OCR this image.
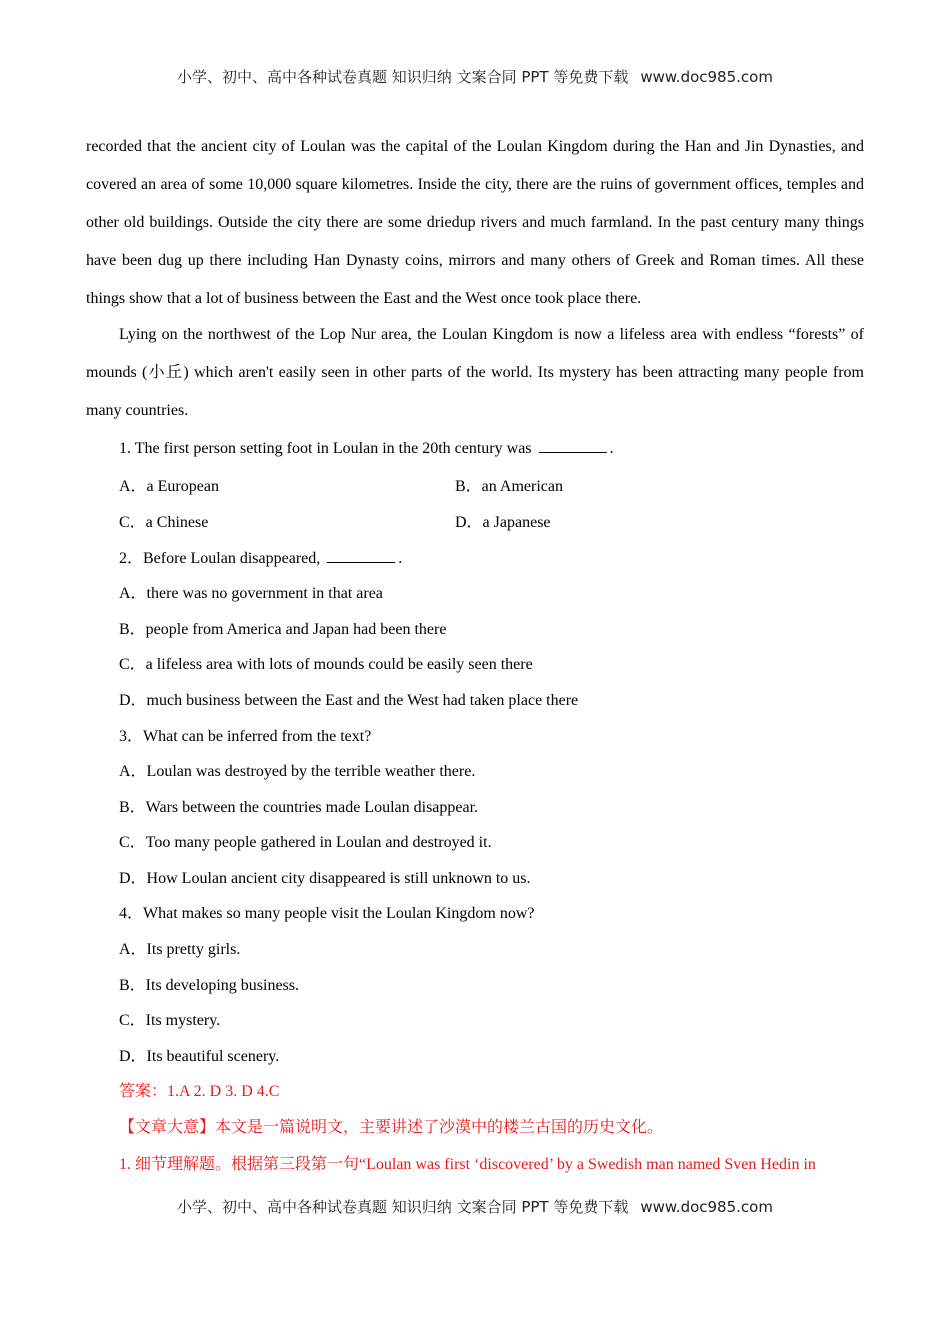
小学、初中、高中各种试卷真题 知识归纳 文案合同 PPT 等免费下载 www.doc985.com

recorded that the ancient city of Loulan was the capital of the Loulan Kingdom during the Han and Jin Dynasties, and covered an area of some 10,000 square kilometres. Inside the city, there are the ruins of government offices, temples and other old buildings. Outside the city there are some driedup rivers and much farmland. In the past century many things have been dug up there including Han Dynasty coins, mirrors and many others of Greek and Roman times. All these things show that a lot of business between the East and the West once took place there.

Lying on the northwest of the Lop Nur area, the Loulan Kingdom is now a lifeless area with endless “forests” of mounds (小丘) which aren't easily seen in other parts of the world. Its mystery has been attracting many people from many countries.

1. The first person setting foot in Loulan in the 20th century was	.

A．a European	B．an American

C．a Chinese	D．a Japanese

2．Before Loulan disappeared,	.

A．there was no government in that area

B．people from America and Japan had been there

C．a lifeless area with lots of mounds could be easily seen there

D．much business between the East and the West had taken place there

3．What can be inferred from the text?

A．Loulan was destroyed by the terrible weather there.

B．Wars between the countries made Loulan disappear.

C．Too many people gathered in Loulan and destroyed it.

D．How Loulan ancient city disappeared is still unknown to us.

4．What makes so many people visit the Loulan Kingdom now?

A．Its pretty girls.

B．Its developing business.

C．Its mystery.

D．Its beautiful scenery.

答案：1.A 2. D 3. D 4.C

【文章大意】本文是一篇说明文，主要讲述了沙漠中的楼兰古国的历史文化。

1. 细节理解题。根据第三段第一句“Loulan was first ‘discovered’ by a Swedish man named Sven Hedin in

小学、初中、高中各种试卷真题 知识归纳 文案合同 PPT 等免费下载 www.doc985.com
